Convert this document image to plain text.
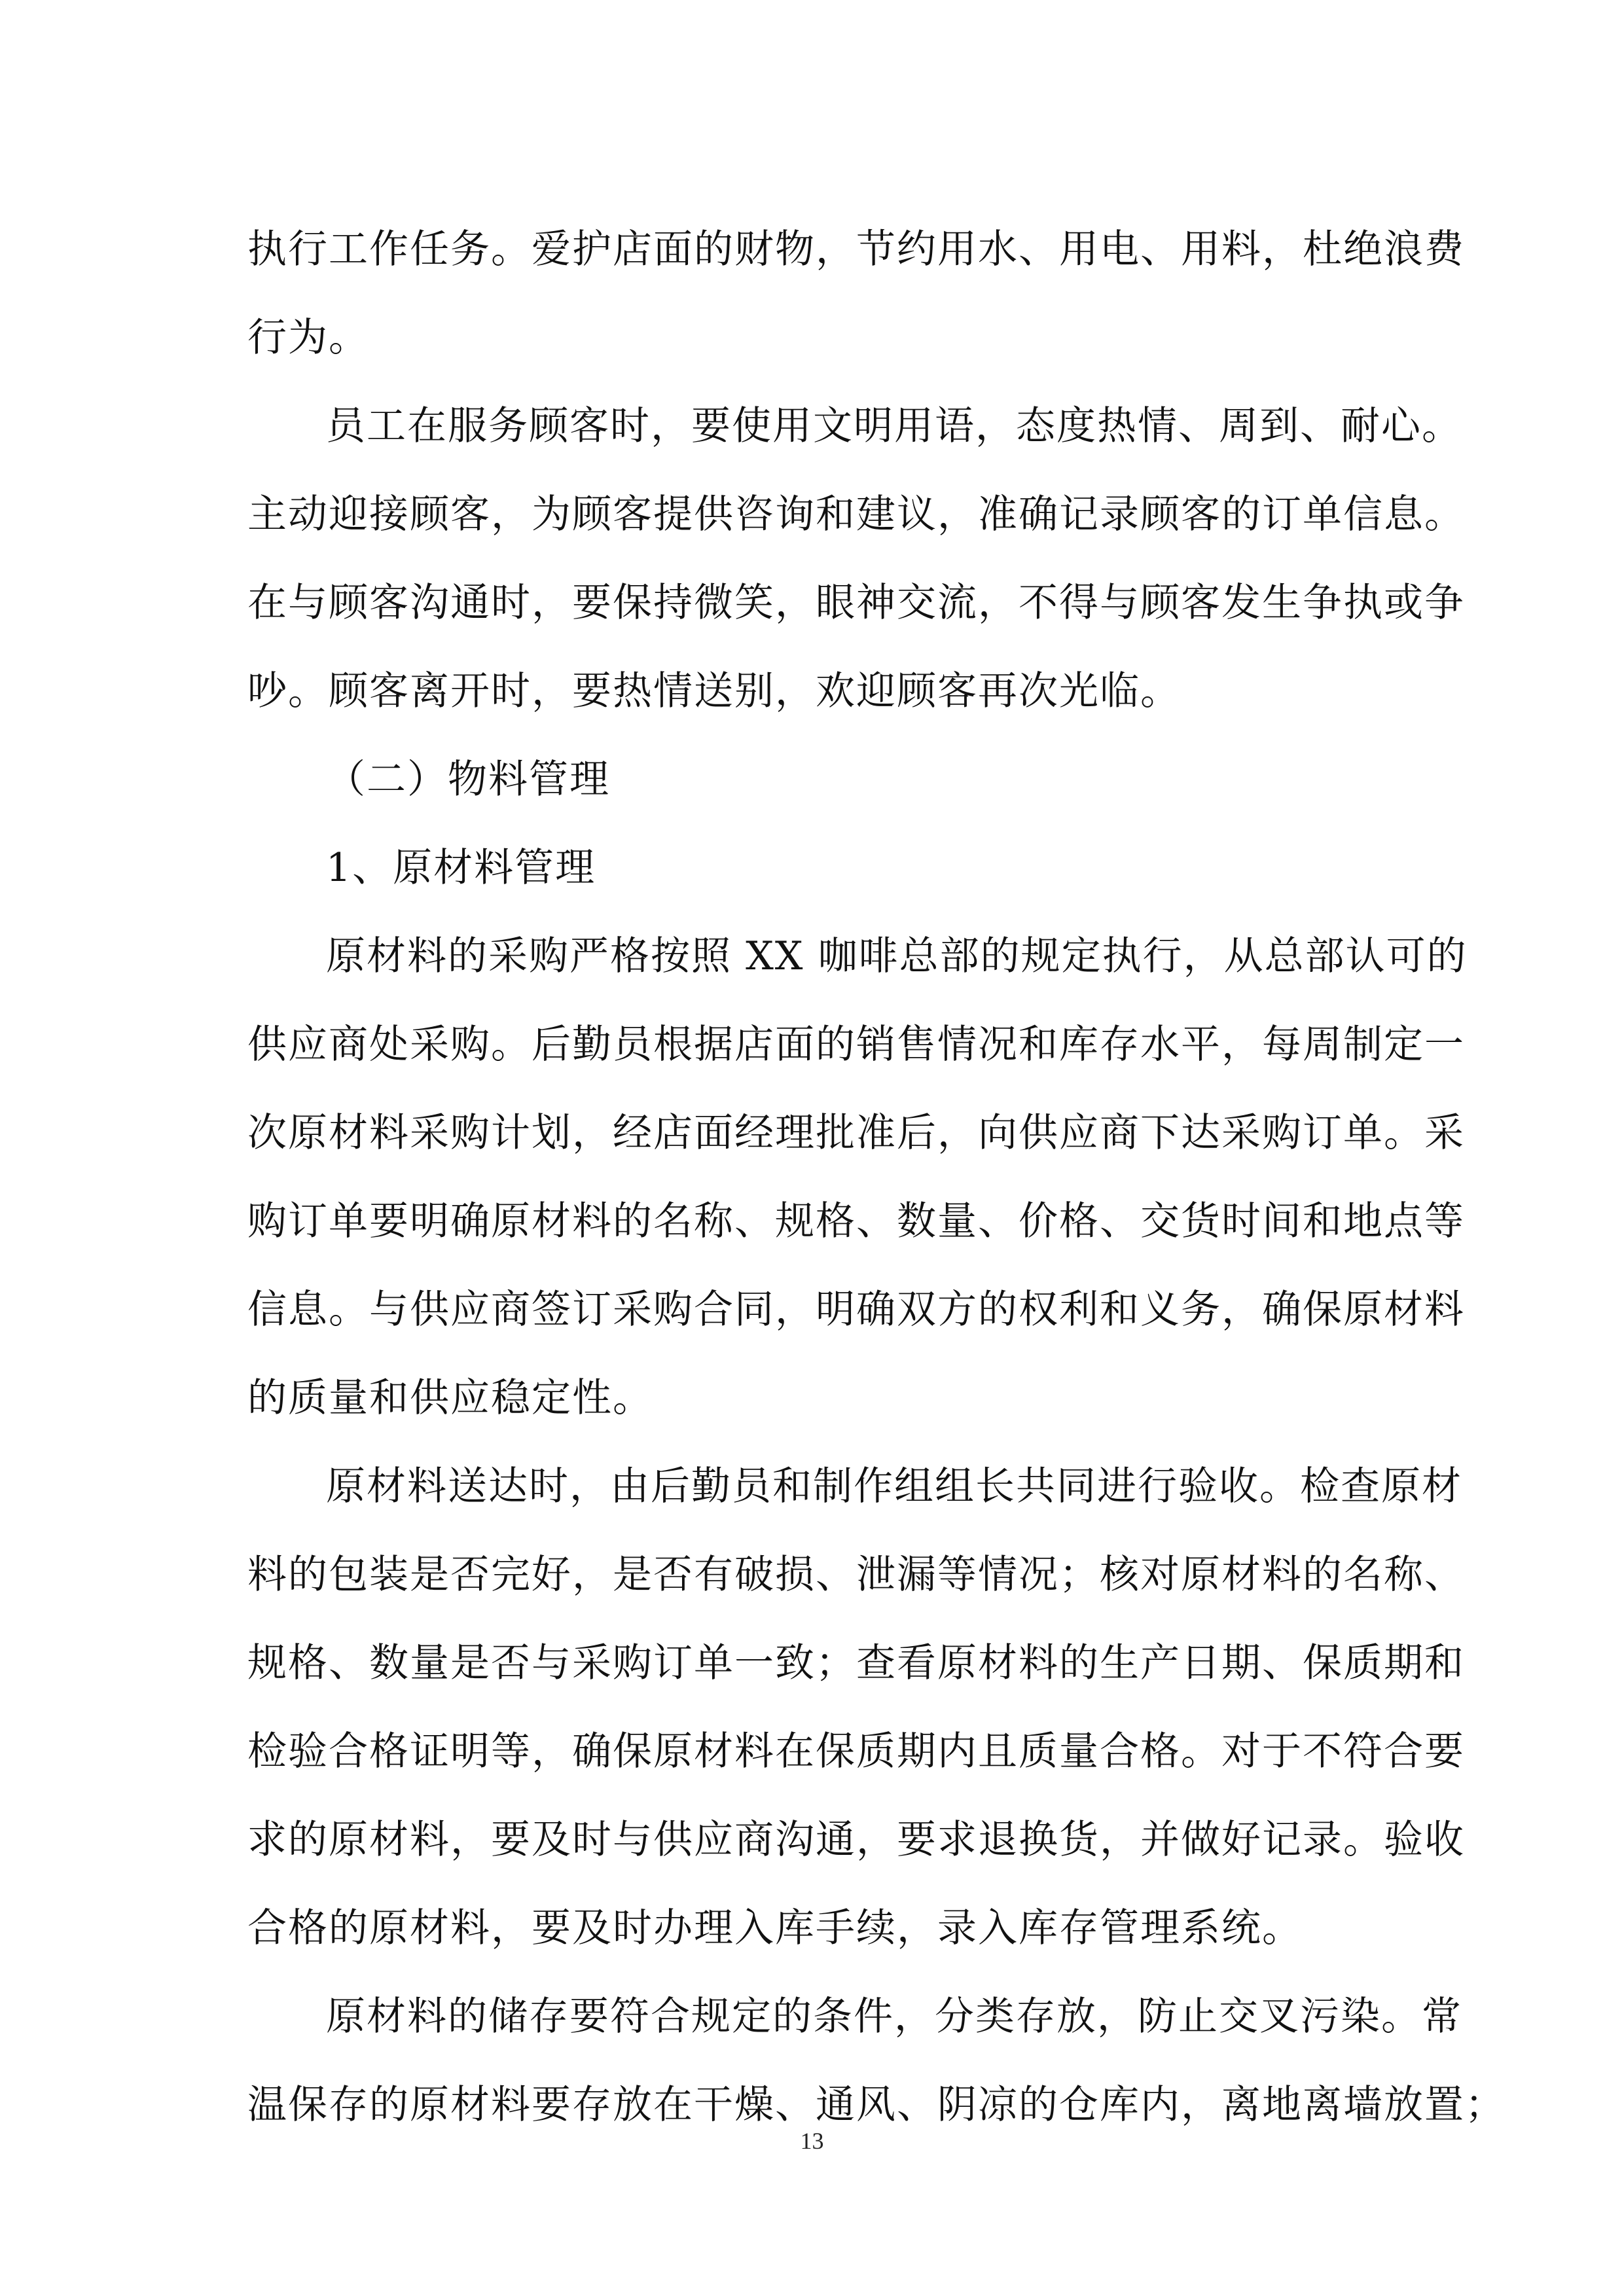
执行工作任务。爱护店面的财物，节约用水、用电、用料，杜绝浪费
行为。
员工在服务顾客时，要使用文明用语，态度热情、周到、耐心。
主动迎接顾客，为顾客提供咨询和建议，准确记录顾客的订单信息。
在与顾客沟通时，要保持微笑，眼神交流，不得与顾客发生争执或争
吵。顾客离开时，要热情送别，欢迎顾客再次光临。
（二）物料管理
1、原材料管理
原材料的采购严格按照 XX 咖啡总部的规定执行，从总部认可的
供应商处采购。后勤员根据店面的销售情况和库存水平，每周制定一
次原材料采购计划，经店面经理批准后，向供应商下达采购订单。采
购订单要明确原材料的名称、规格、数量、价格、交货时间和地点等
信息。与供应商签订采购合同，明确双方的权利和义务，确保原材料
的质量和供应稳定性。
原材料送达时，由后勤员和制作组组长共同进行验收。检查原材
料的包装是否完好，是否有破损、泄漏等情况；核对原材料的名称、
规格、数量是否与采购订单一致；查看原材料的生产日期、保质期和
检验合格证明等，确保原材料在保质期内且质量合格。对于不符合要
求的原材料，要及时与供应商沟通，要求退换货，并做好记录。验收
合格的原材料，要及时办理入库手续，录入库存管理系统。
原材料的储存要符合规定的条件，分类存放，防止交叉污染。常
温保存的原材料要存放在干燥、通风、阴凉的仓库内，离地离墙放置；
13
